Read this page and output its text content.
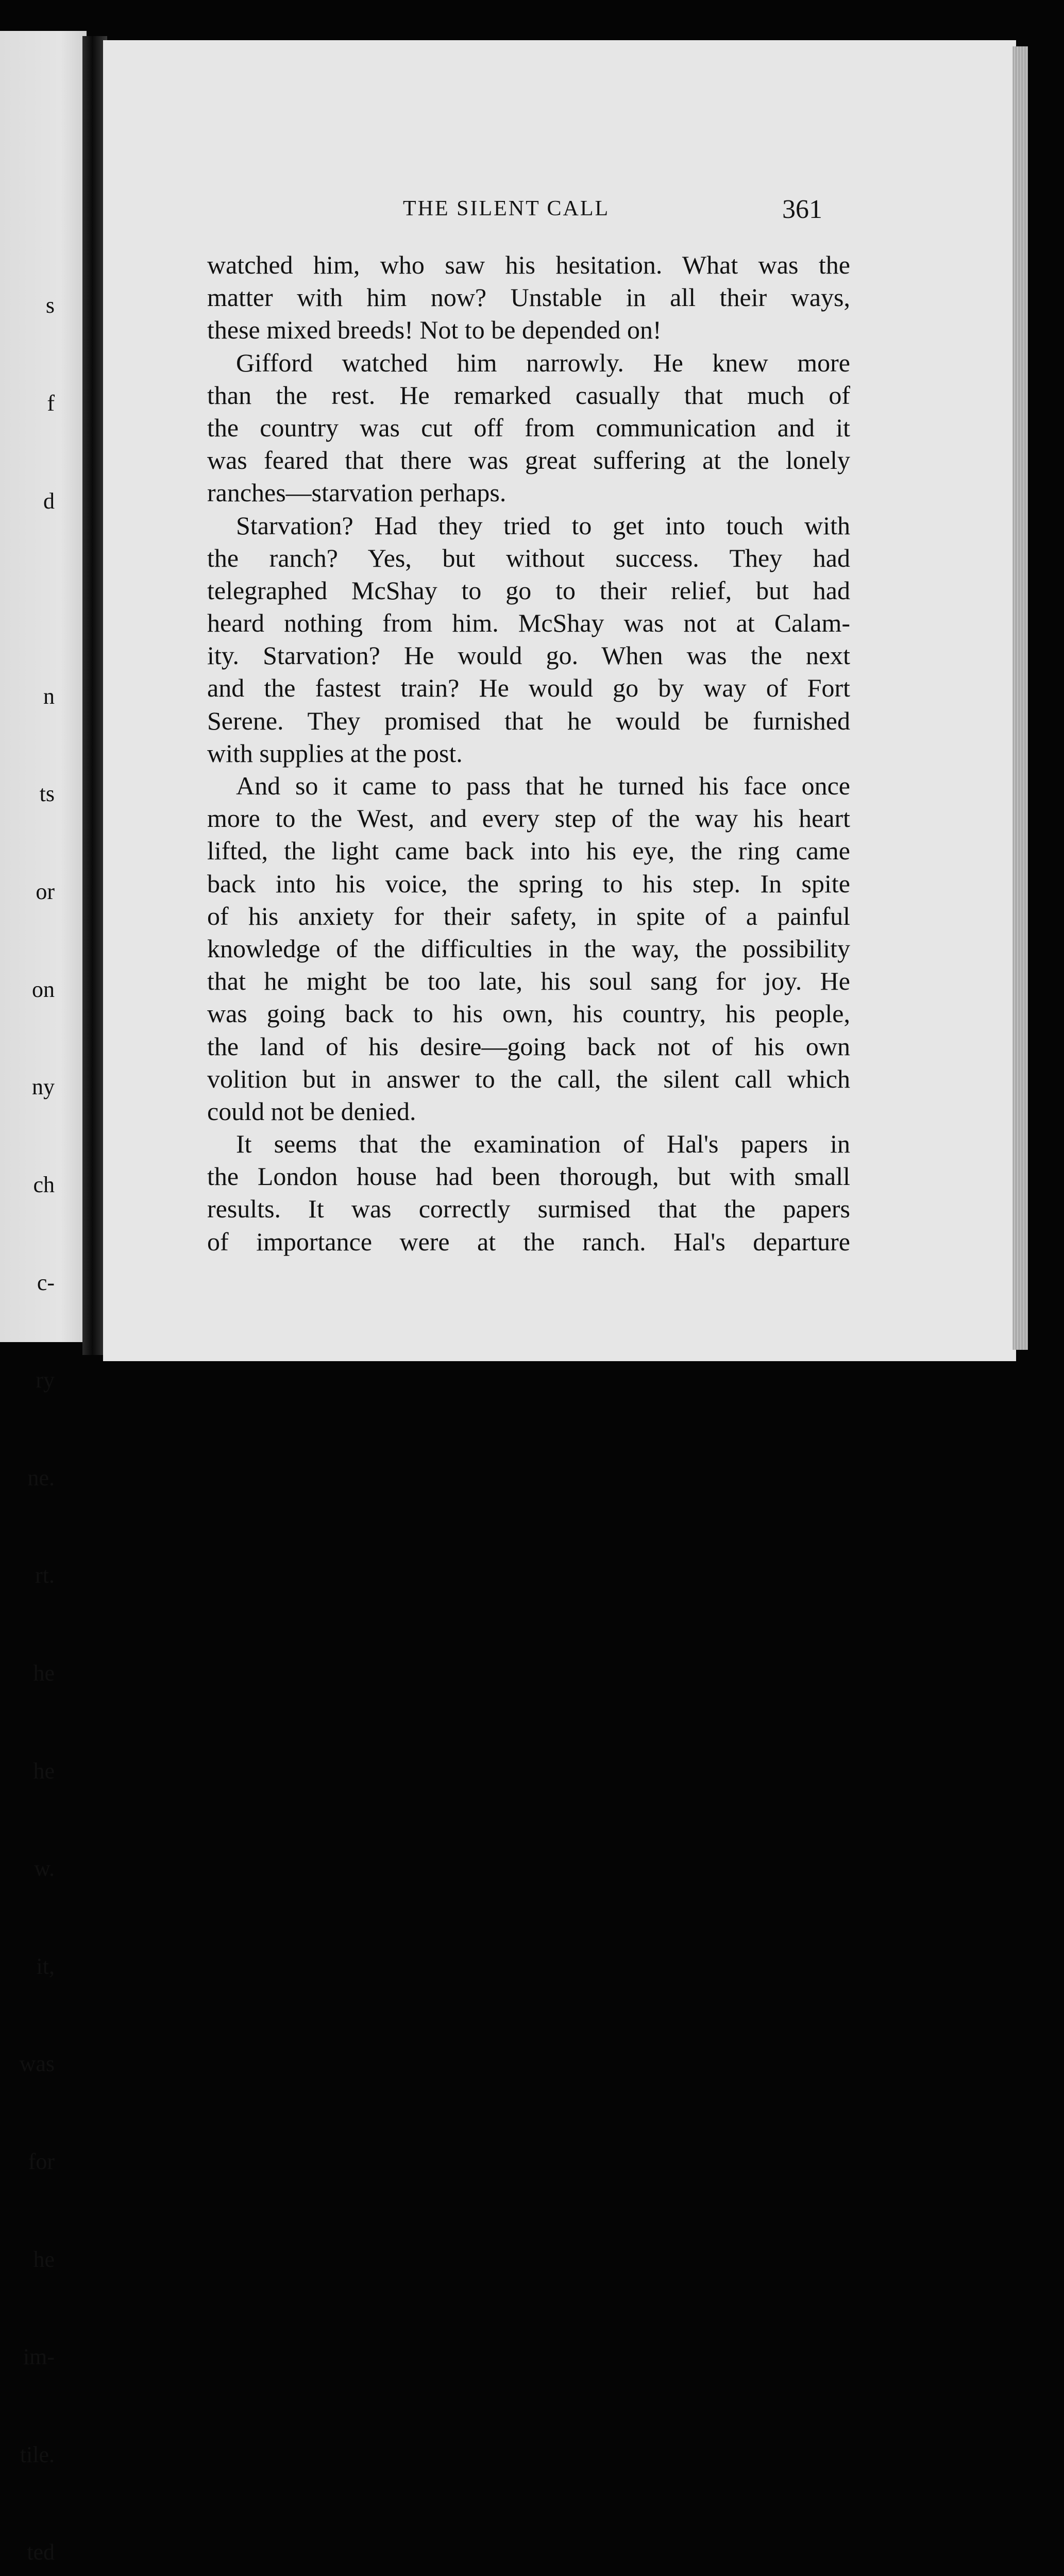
s

f

d

n

ts

or

on

ny

ch

c-

ry

ne.

rt.

he

he

w.

it,

was

for

he

im-

tile.

ted

THE SILENT CALL	361
watched him, who saw his hesitation. What was the
matter with him now? Unstable in all their ways,
these mixed breeds! Not to be depended on!
Gifford watched him narrowly. He knew more
than the rest. He remarked casually that much of
the country was cut off from communication and it
was feared that there was great suffering at the lonely
ranches—starvation perhaps.
Starvation? Had they tried to get into touch with
the ranch? Yes, but without success. They had
telegraphed McShay to go to their relief, but had
heard nothing from him. McShay was not at Calam-
ity. Starvation? He would go. When was the next
and the fastest train? He would go by way of Fort
Serene. They promised that he would be furnished
with supplies at the post.
And so it came to pass that he turned his face once
more to the West, and every step of the way his heart
lifted, the light came back into his eye, the ring came
back into his voice, the spring to his step. In spite
of his anxiety for their safety, in spite of a painful
knowledge of the difficulties in the way, the possibility
that he might be too late, his soul sang for joy. He
was going back to his own, his country, his people,
the land of his desire—going back not of his own
volition but in answer to the call, the silent call which
could not be denied.
It seems that the examination of Hal's papers in
the London house had been thorough, but with small
results. It was correctly surmised that the papers
of importance were at the ranch. Hal's departure
